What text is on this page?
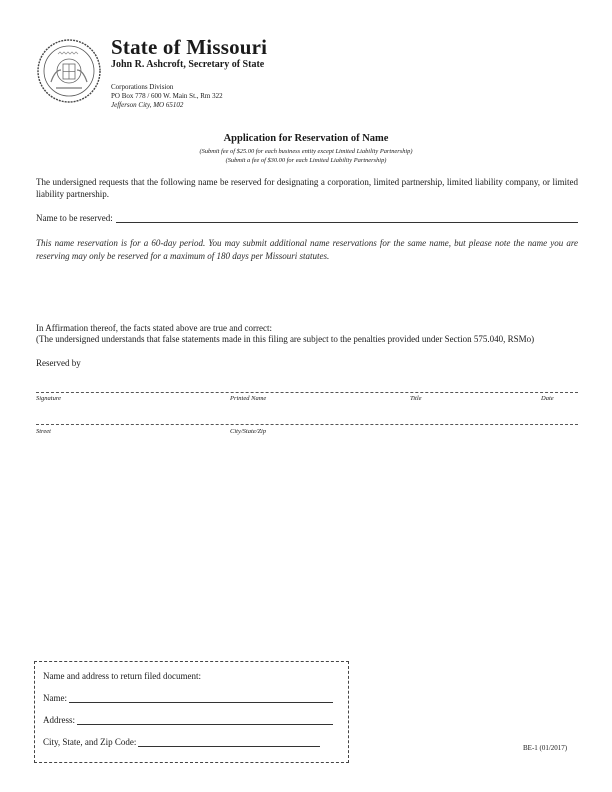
State of Missouri
John R. Ashcroft, Secretary of State
Corporations Division
PO Box 778 / 600 W. Main St., Rm 322
Jefferson City, MO 65102
Application for Reservation of Name
(Submit fee of $25.00 for each business entity except Limited Liability Partnership)
(Submit a fee of $30.00 for each Limited Liability Partnership)
The undersigned requests that the following name be reserved for designating a corporation, limited partnership, limited liability company, or limited liability partnership.
Name to be reserved:
This name reservation is for a 60-day period. You may submit additional name reservations for the same name, but please note the name you are reserving may only be reserved for a maximum of 180 days per Missouri statutes.
In Affirmation thereof, the facts stated above are true and correct:
(The undersigned understands that false statements made in this filing are subject to the penalties provided under Section 575.040, RSMo)
Reserved by
Signature	Printed Name	Title	Date
Street	City/State/Zip
Name and address to return filed document:
Name:
Address:
City, State, and Zip Code:
BE-1 (01/2017)
